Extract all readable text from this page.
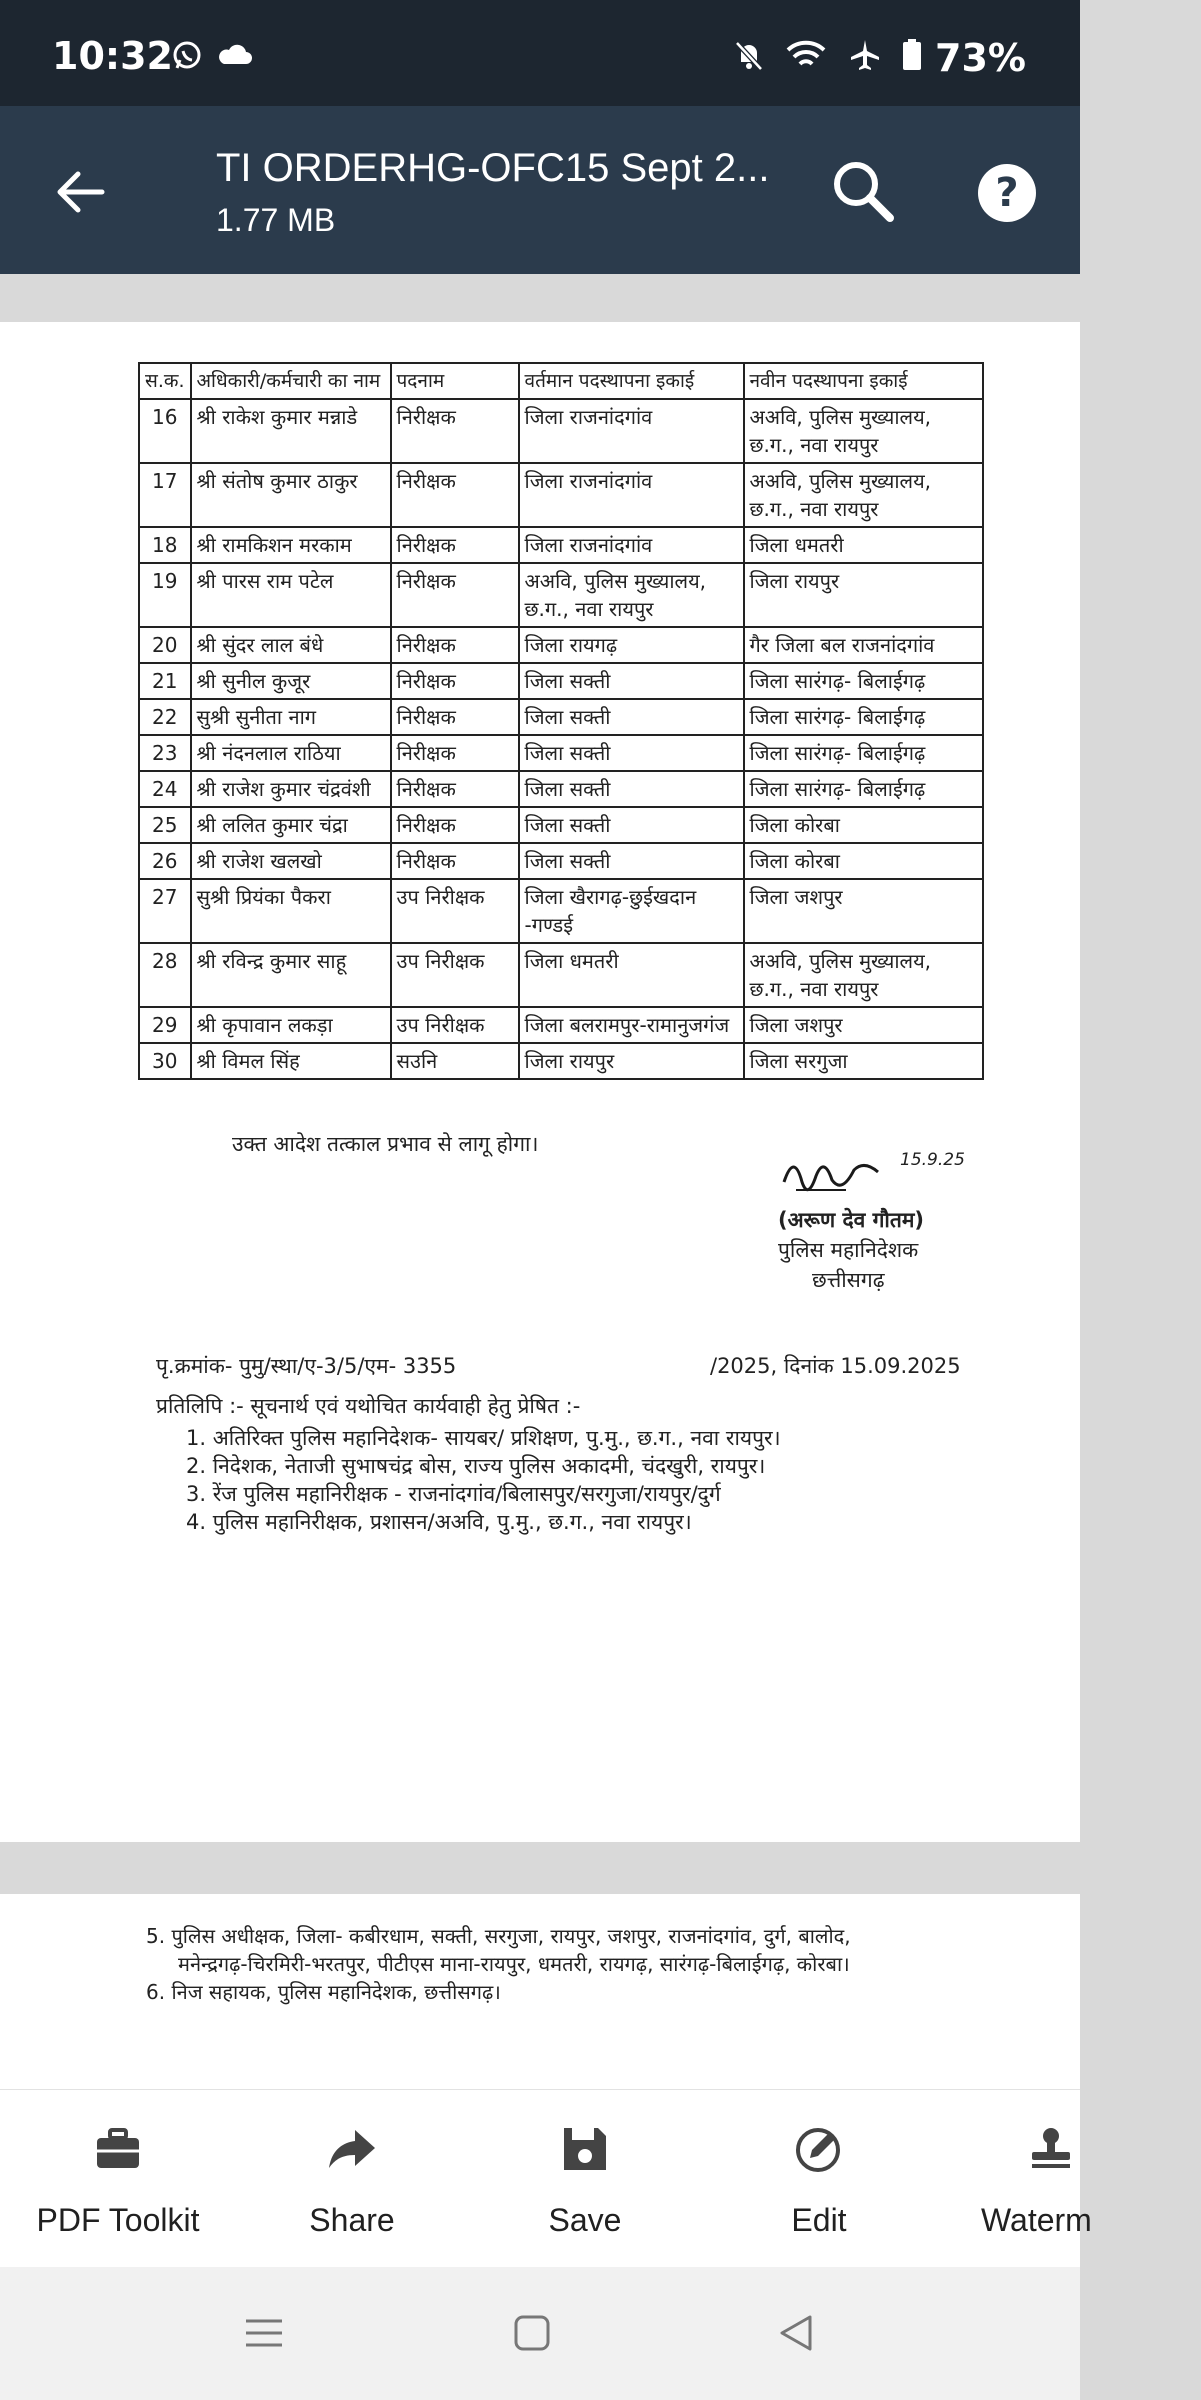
10:32	73%
TI ORDERHG-OFC15 Sept 2...
1.77 MB
?
स.क.	अधिकारी/कर्मचारी का नाम	पदनाम	वर्तमान पदस्थापना इकाई	नवीन पदस्थापना इकाई
16	श्री राकेश कुमार मन्नाडे	निरीक्षक	जिला राजनांदगांव	अअवि, पुलिस मुख्यालय, छ.ग., नवा रायपुर
17	श्री संतोष कुमार ठाकुर	निरीक्षक	जिला राजनांदगांव	अअवि, पुलिस मुख्यालय, छ.ग., नवा रायपुर
18	श्री रामकिशन मरकाम	निरीक्षक	जिला राजनांदगांव	जिला धमतरी
19	श्री पारस राम पटेल	निरीक्षक	अअवि, पुलिस मुख्यालय, छ.ग., नवा रायपुर	जिला रायपुर
20	श्री सुंदर लाल बंधे	निरीक्षक	जिला रायगढ़	गैर जिला बल राजनांदगांव
21	श्री सुनील कुजूर	निरीक्षक	जिला सक्ती	जिला सारंगढ़- बिलाईगढ़
22	सुश्री सुनीता नाग	निरीक्षक	जिला सक्ती	जिला सारंगढ़- बिलाईगढ़
23	श्री नंदनलाल राठिया	निरीक्षक	जिला सक्ती	जिला सारंगढ़- बिलाईगढ़
24	श्री राजेश कुमार चंद्रवंशी	निरीक्षक	जिला सक्ती	जिला सारंगढ़- बिलाईगढ़
25	श्री ललित कुमार चंद्रा	निरीक्षक	जिला सक्ती	जिला कोरबा
26	श्री राजेश खलखो	निरीक्षक	जिला सक्ती	जिला कोरबा
27	सुश्री प्रियंका पैकरा	उप निरीक्षक	जिला खैरागढ़-छुईखदान -गण्डई	जिला जशपुर
28	श्री रविन्द्र कुमार साहू	उप निरीक्षक	जिला धमतरी	अअवि, पुलिस मुख्यालय, छ.ग., नवा रायपुर
29	श्री कृपावान लकड़ा	उप निरीक्षक	जिला बलरामपुर-रामानुजगंज	जिला जशपुर
30	श्री विमल सिंह	सउनि	जिला रायपुर	जिला सरगुजा
उक्त आदेश तत्काल प्रभाव से लागू होगा।
15.9.25
(अरूण देव गौतम)
पुलिस महानिदेशक
छत्तीसगढ़
पृ.क्रमांक- पुमु/स्था/ए-3/5/एम- 3355	/2025, दिनांक 15.09.2025
प्रतिलिपि :- सूचनार्थ एवं यथोचित कार्यवाही हेतु प्रेषित :-
1. अतिरिक्त पुलिस महानिदेशक- सायबर/ प्रशिक्षण, पु.मु., छ.ग., नवा रायपुर।
2. निदेशक, नेताजी सुभाषचंद्र बोस, राज्य पुलिस अकादमी, चंदखुरी, रायपुर।
3. रेंज पुलिस महानिरीक्षक - राजनांदगांव/बिलासपुर/सरगुजा/रायपुर/दुर्ग
4. पुलिस महानिरीक्षक, प्रशासन/अअवि, पु.मु., छ.ग., नवा रायपुर।
5. पुलिस अधीक्षक, जिला- कबीरधाम, सक्ती, सरगुजा, रायपुर, जशपुर, राजनांदगांव, दुर्ग, बालोद,
मनेन्द्रगढ़-चिरमिरी-भरतपुर, पीटीएस माना-रायपुर, धमतरी, रायगढ़, सारंगढ़-बिलाईगढ़, कोरबा।
6. निज सहायक, पुलिस महानिदेशक, छत्तीसगढ़।
PDF Toolkit	Share	Save	Edit	Waterm
